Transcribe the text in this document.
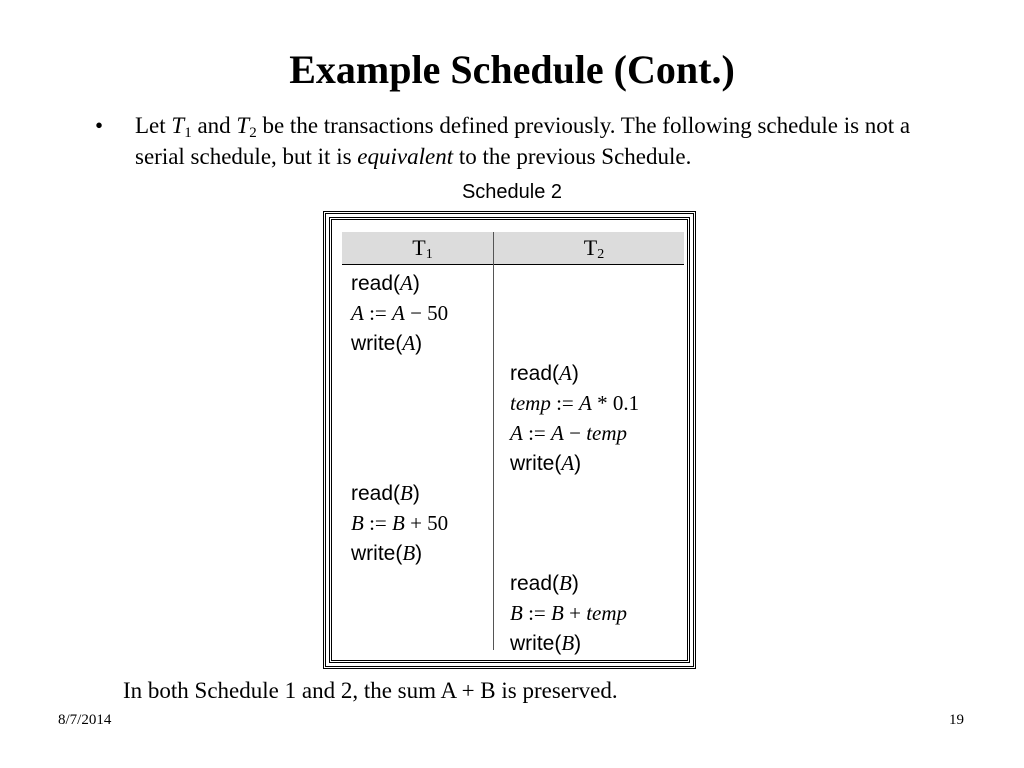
Example Schedule (Cont.)
• Let $T_1$ and $T_2$ be the transactions defined previously. The following schedule is not a serial schedule, but it is equivalent to the previous Schedule.
Schedule 2
$T_1$	$T_2$
read(A)
A := A − 50
write(A)
read(A)
temp := A * 0.1
A := A − temp
write(A)
read(B)
B := B + 50
write(B)
read(B)
B := B + temp
write(B)
In both Schedule 1 and 2, the sum A + B is preserved.
8/7/2014	19
